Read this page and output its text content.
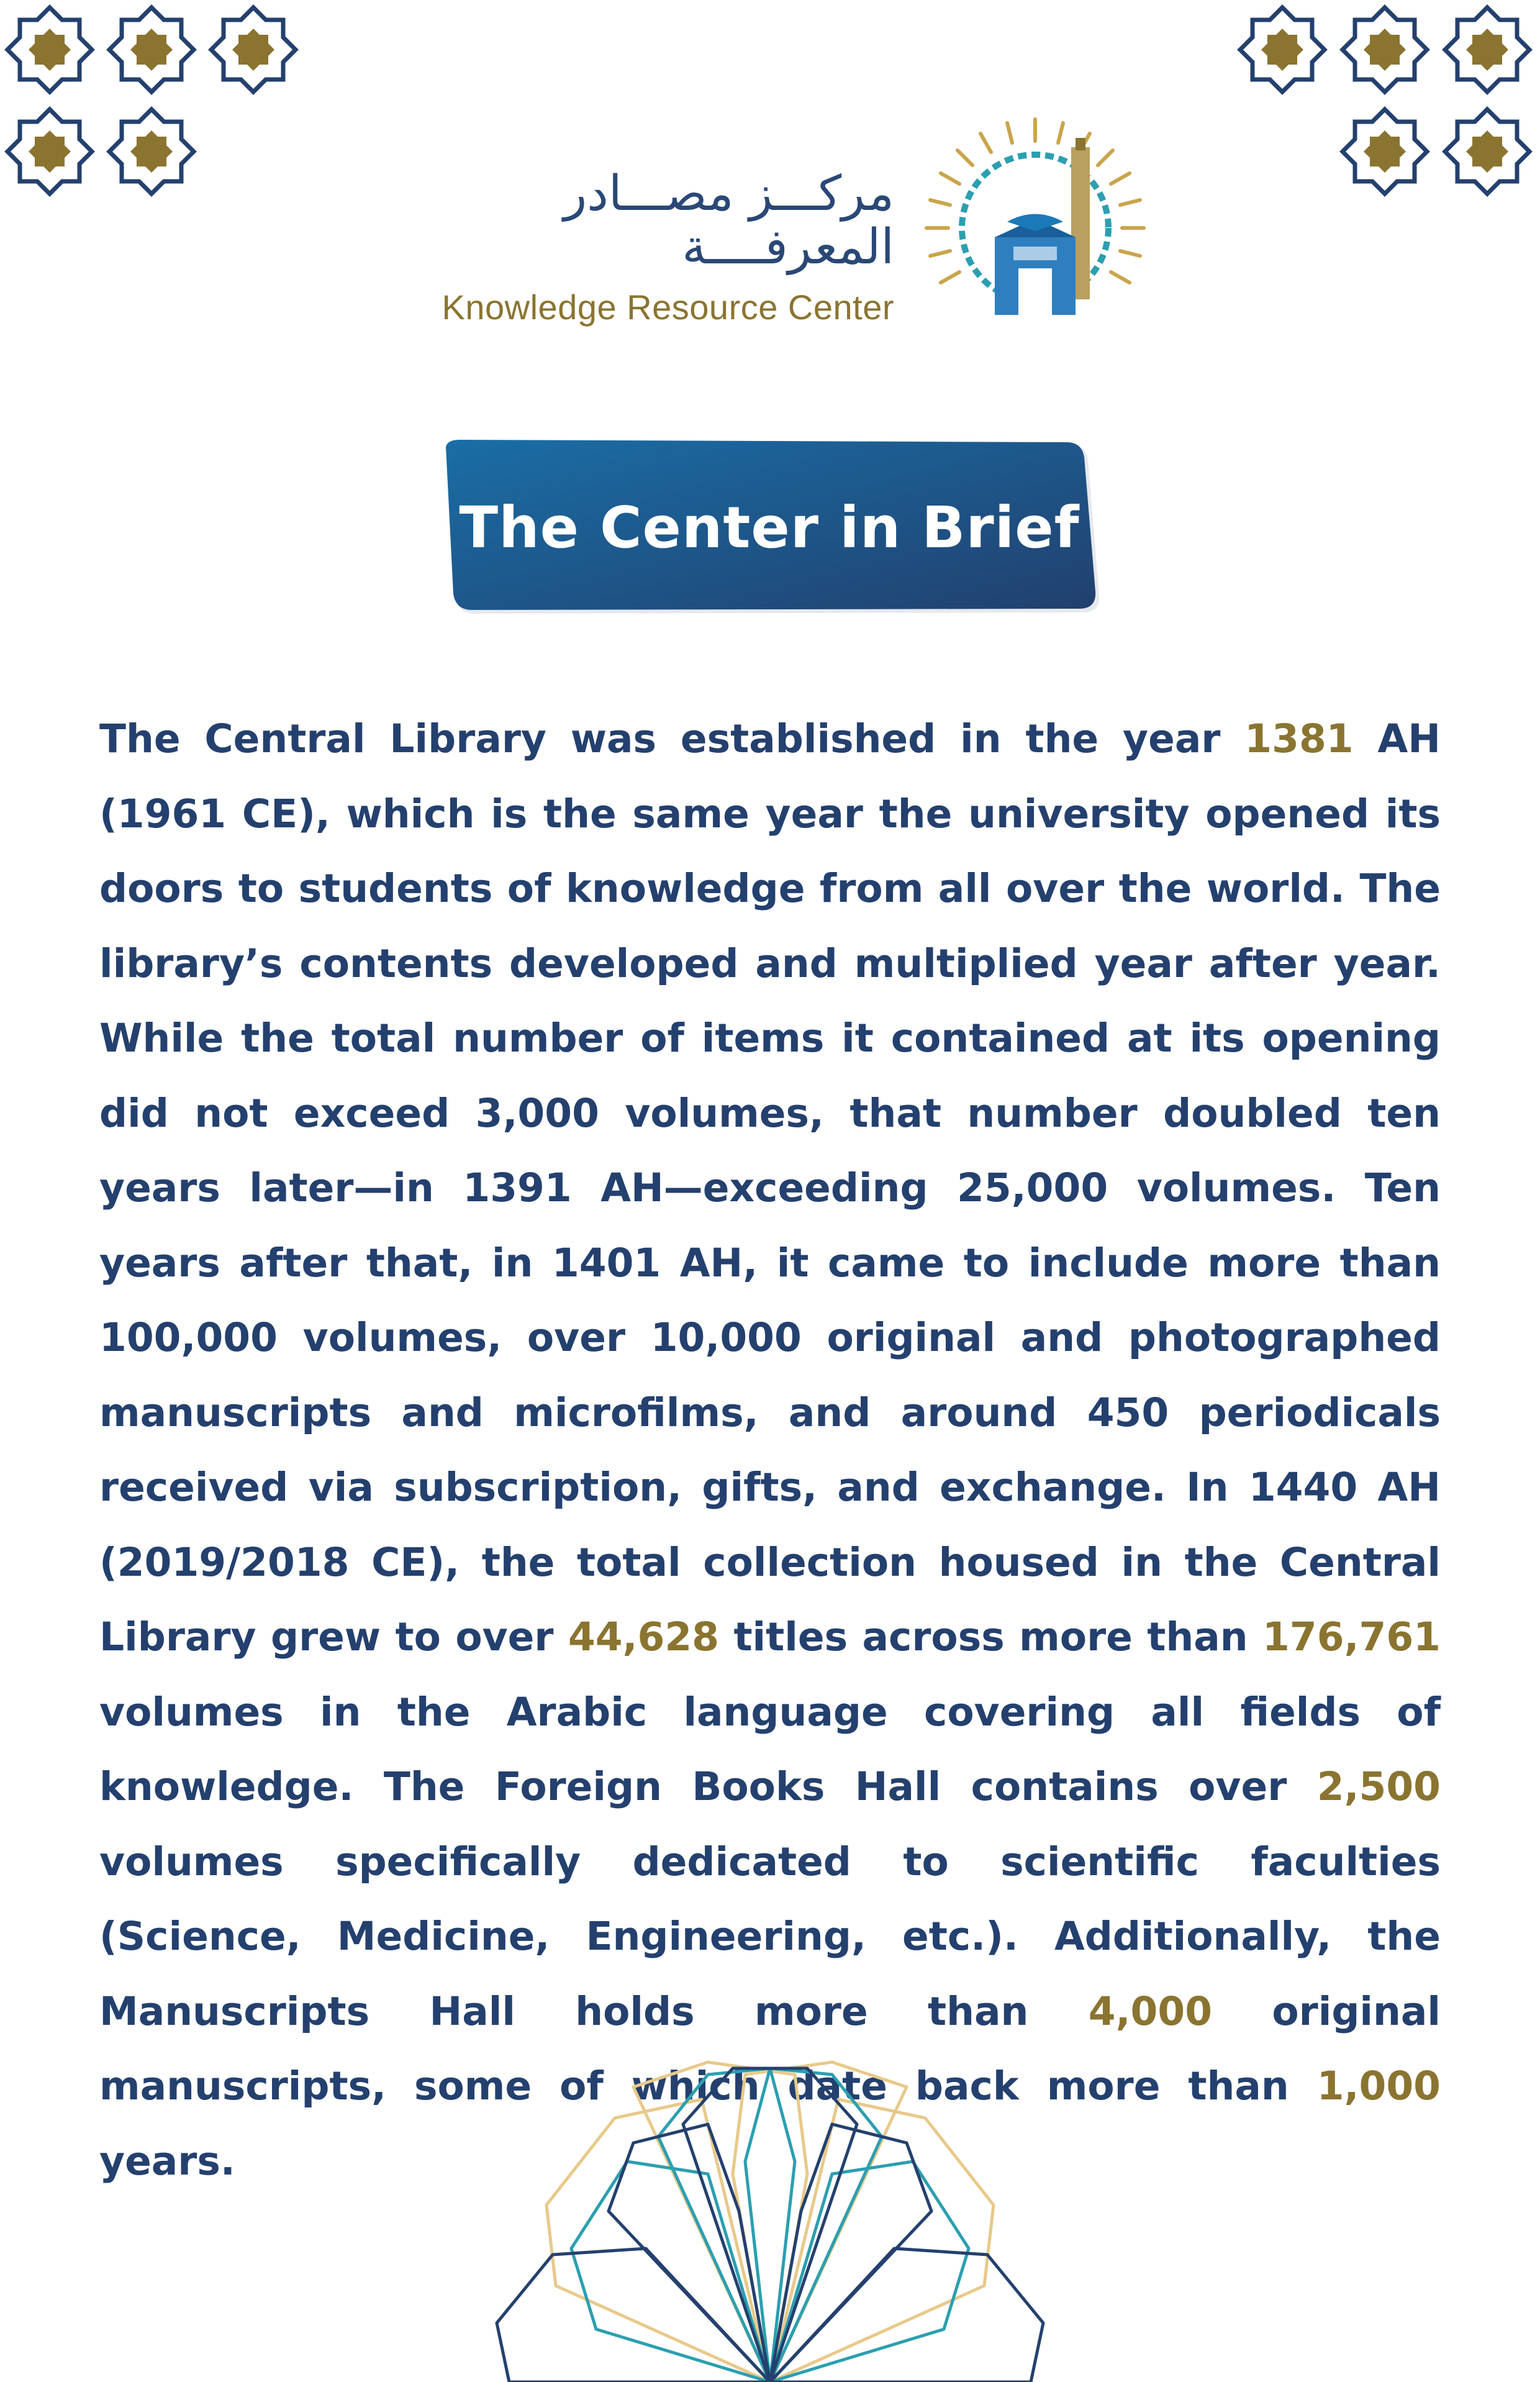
مركـــز مصـــادر المعرفــــة
Knowledge Resource Center
The Center in Brief
The Central Library was established in the year 1381 AH (1961 CE), which is the same year the university opened its doors to students of knowledge from all over the world. The library’s contents developed and multiplied year after year. While the total number of items it contained at its opening did not exceed 3,000 volumes, that number doubled ten years later—in 1391 AH—exceeding 25,000 volumes. Ten years after that, in 1401 AH, it came to include more than 100,000 volumes, over 10,000 original and photographed manuscripts and microfilms, and around 450 periodicals received via subscription, gifts, and exchange. In 1440 AH (2019/2018 CE), the total collection housed in the Central Library grew to over 44,628 titles across more than 176,761 volumes in the Arabic language covering all fields of knowledge. The Foreign Books Hall contains over 2,500 volumes specifically dedicated to scientific faculties (Science, Medicine, Engineering, etc.). Additionally, the Manuscripts Hall holds more than 4,000 original manuscripts, some of which date back more than 1,000 years.
